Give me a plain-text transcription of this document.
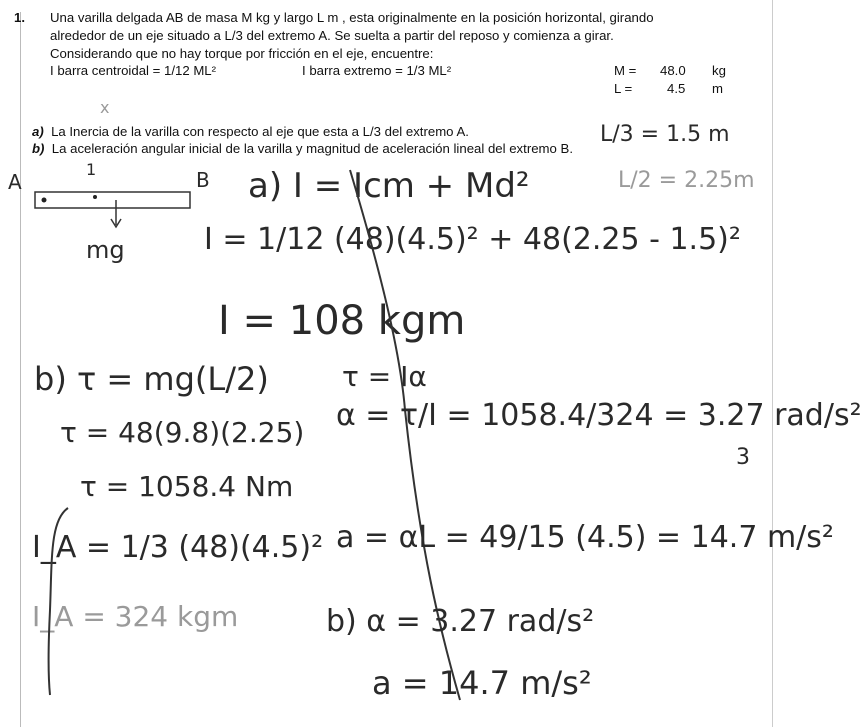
1. Una varilla delgada AB de masa M kg y largo L m , esta originalmente en la posición horizontal, girando
alrededor de un eje situado a L/3 del extremo A. Se suelta a partir del reposo y comienza a girar.
Considerando que no hay torque por fricción en el eje, encuentre:
I barra centroidal = 1/12 ML²	I barra extremo = 1/3 ML²	M = 48.0 kg
L =	4.5 m
a) La Inercia de la varilla con respecto al eje que esta a L/3 del extremo A.
b) La aceleración angular inicial de la varilla y magnitud de aceleración lineal del extremo B.
L/3 = 1.5 m
L/2 = 2.25m
x
A
1	B
mg
a) I = Icm + Md²
I = 1/12 (48)(4.5)² + 48(2.25 - 1.5)²
I = 108 kgm
b) τ = mg(L/2)
τ = 48(9.8)(2.25)
τ = 1058.4 Nm
τ = Iα
α = τ/I = 1058.4/324 = 3.27 rad/s²
3
I_A = 1/3 (48)(4.5)²
I_A = 324 kgm
a = αL = 49/15 (4.5) = 14.7 m/s²
b) α = 3.27 rad/s²
a = 14.7 m/s²
